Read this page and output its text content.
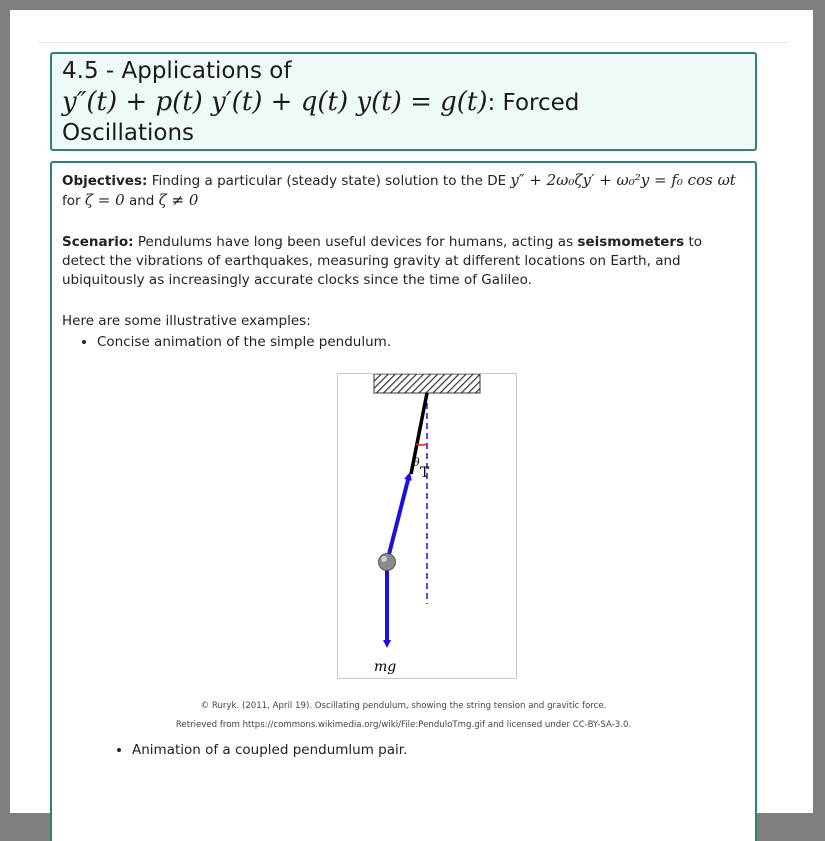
4.5 - Applications of
y″(t) + p(t) y′(t) + q(t) y(t) = g(t): Forced
Oscillations

Objectives: Finding a particular (steady state) solution to the DE y″ + 2ω₀ζy′ + ω₀²y = f₀ cos ωt
for ζ = 0 and ζ ≠ 0

Scenario: Pendulums have long been useful devices for humans, acting as seismometers to detect the vibrations of earthquakes, measuring gravity at different locations on Earth, and ubiquitously as increasingly accurate clocks since the time of Galileo.

Here are some illustrative examples:

• Concise animation of the simple pendulum.
θ
T
mg
© Ruryk. (2011, April 19). Oscillating pendulum, showing the string tension and gravitic force.
Retrieved from https://commons.wikimedia.org/wiki/File:PenduloTmg.gif and licensed under CC-BY-SA-3.0.
• Animation of a coupled pendumlum pair.
